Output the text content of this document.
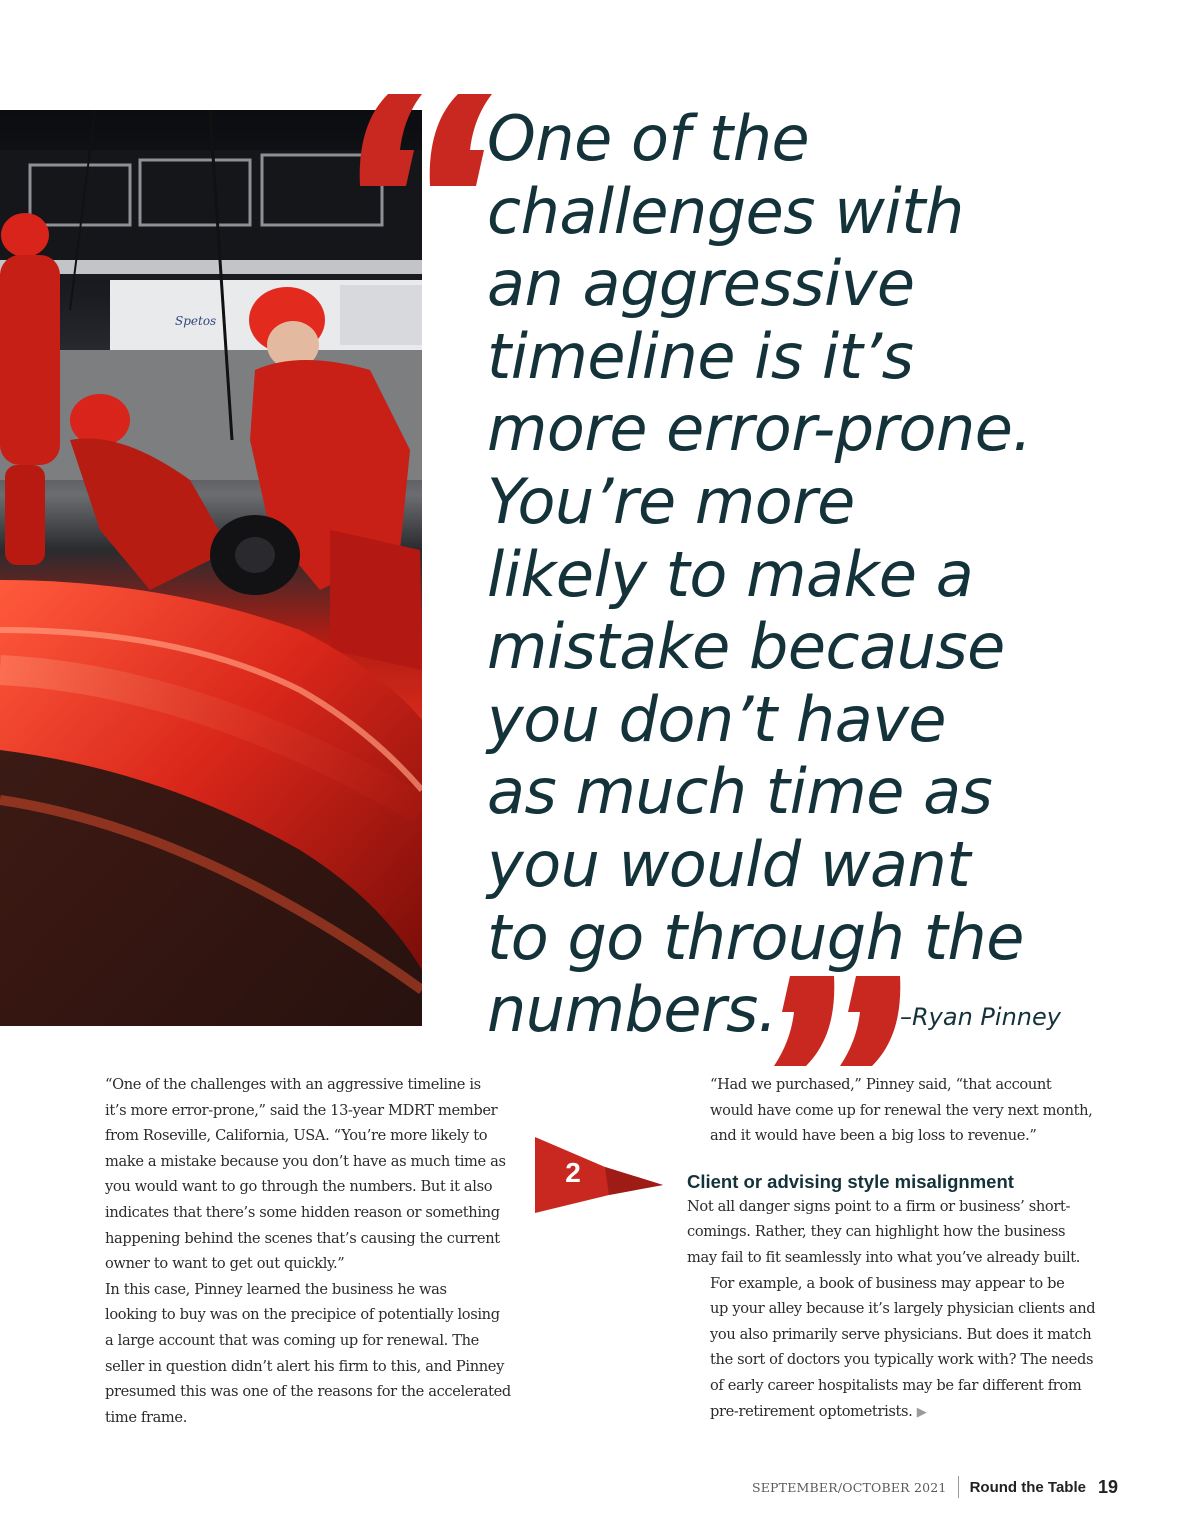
Spetos
One of the
challenges with
an aggressive
timeline is it’s
more error-prone.
You’re more
likely to make a
mistake because
you don’t have
as much time as
you would want
to go through the
numbers.	–Ryan Pinney

“One of the challenges with an aggressive timeline is
it’s more error-prone,” said the 13-year MDRT member
from Roseville, California, USA. “You’re more likely to
make a mistake because you don’t have as much time as
you would want to go through the numbers. But it also
indicates that there’s some hidden reason or something
happening behind the scenes that’s causing the current
owner to want to get out quickly.”

In this case, Pinney learned the business he was
looking to buy was on the precipice of potentially losing
a large account that was coming up for renewal. The
seller in question didn’t alert his firm to this, and Pinney
presumed this was one of the reasons for the accelerated
time frame.

2

“Had we purchased,” Pinney said, “that account
would have come up for renewal the very next month,
and it would have been a big loss to revenue.”

Client or advising style misalignment

Not all danger signs point to a firm or business’ short-
comings. Rather, they can highlight how the business
may fail to fit seamlessly into what you’ve already built.

For example, a book of business may appear to be
up your alley because it’s largely physician clients and
you also primarily serve physicians. But does it match
the sort of doctors you typically work with? The needs
of early career hospitalists may be far different from
pre-retirement optometrists. ▶

SEPTEMBER/OCTOBER 2021 Round the Table 19
